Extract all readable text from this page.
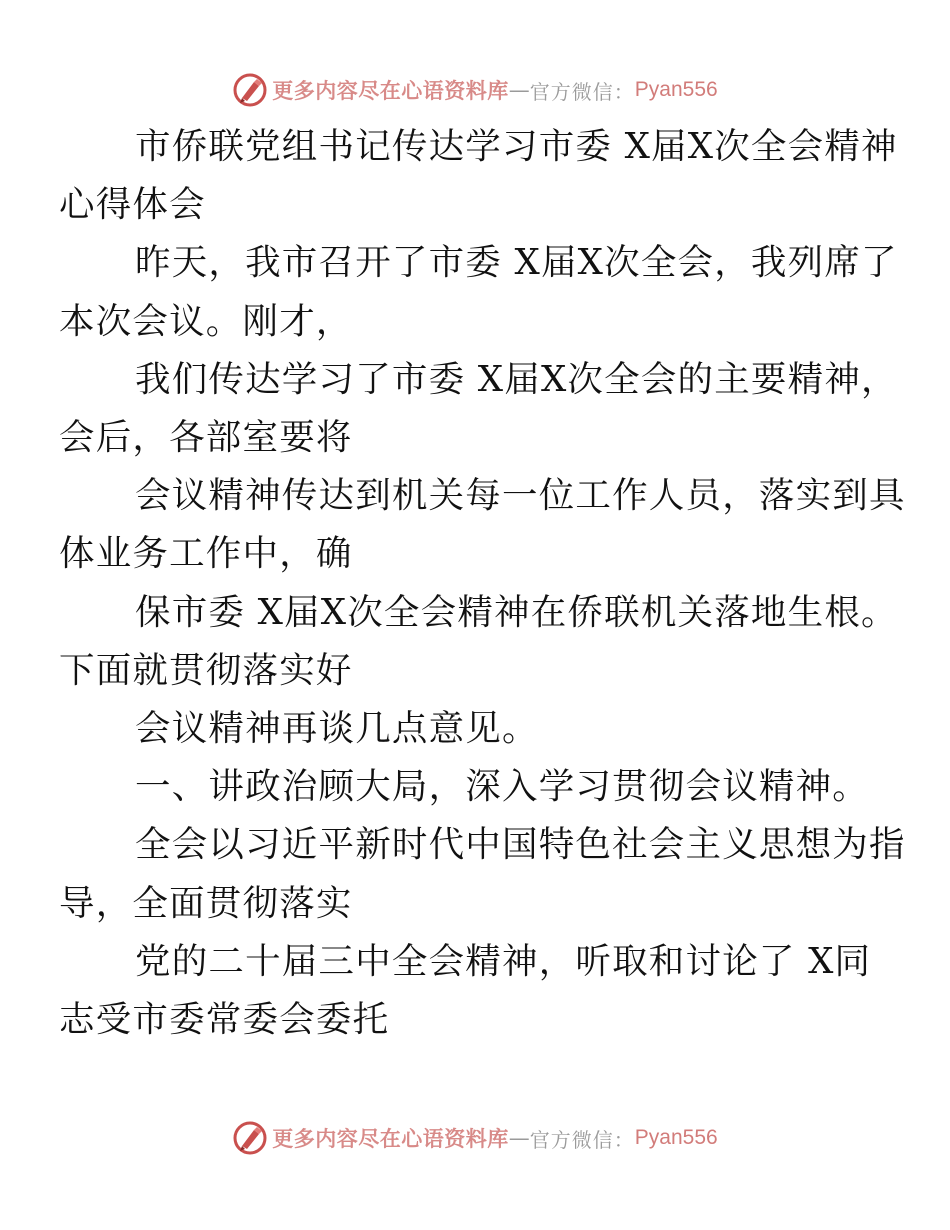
更多内容尽在心语资料库 — 官方微信： Pyan556

市侨联党组书记传达学习市委 X届X次全会精神
心得体会

昨天，我市召开了市委 X届X次全会，我列席了
本次会议。刚才，

我们传达学习了市委 X届X次全会的主要精神，
会后，各部室要将

会议精神传达到机关每一位工作人员，落实到具
体业务工作中，确

保市委 X届X次全会精神在侨联机关落地生根。
下面就贯彻落实好

会议精神再谈几点意见。

一、讲政治顾大局，深入学习贯彻会议精神。

全会以习近平新时代中国特色社会主义思想为指
导，全面贯彻落实

党的二十届三中全会精神，听取和讨论了 X同
志受市委常委会委托

更多内容尽在心语资料库 — 官方微信： Pyan556
